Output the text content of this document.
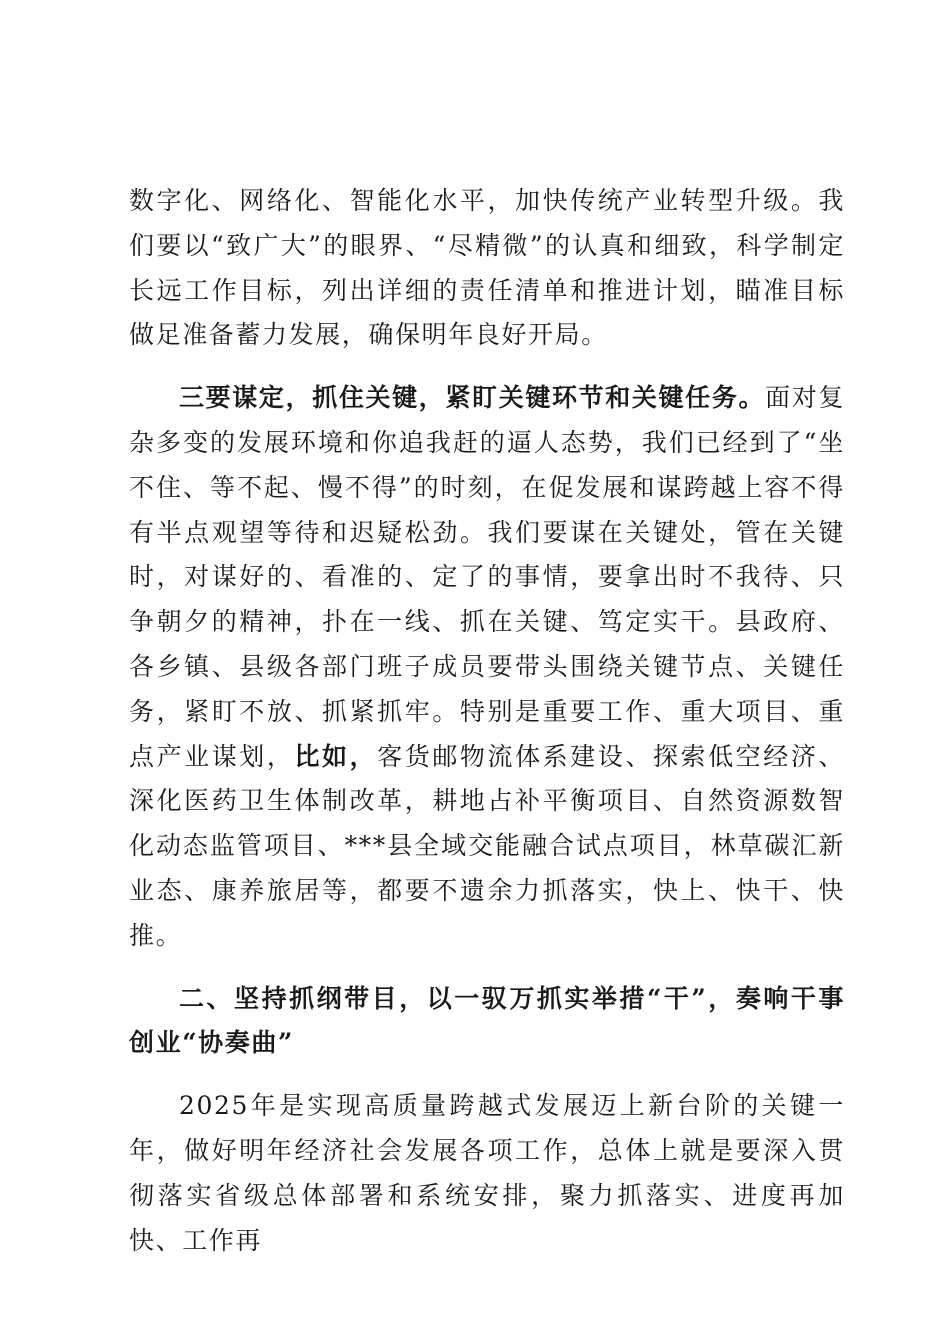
数字化、网络化、智能化水平，加快传统产业转型升级。我们要以“致广大”的眼界、“尽精微”的认真和细致，科学制定长远工作目标，列出详细的责任清单和推进计划，瞄准目标做足准备蓄力发展，确保明年良好开局。

三要谋定，抓住关键，紧盯关键环节和关键任务。面对复杂多变的发展环境和你追我赶的逼人态势，我们已经到了“坐不住、等不起、慢不得”的时刻，在促发展和谋跨越上容不得有半点观望等待和迟疑松劲。我们要谋在关键处，管在关键时，对谋好的、看准的、定了的事情，要拿出时不我待、只争朝夕的精神，扑在一线、抓在关键、笃定实干。县政府、各乡镇、县级各部门班子成员要带头围绕关键节点、关键任务，紧盯不放、抓紧抓牢。特别是重要工作、重大项目、重点产业谋划，比如，客货邮物流体系建设、探索低空经济、深化医药卫生体制改革，耕地占补平衡项目、自然资源数智化动态监管项目、***县全域交能融合试点项目，林草碳汇新业态、康养旅居等，都要不遗余力抓落实，快上、快干、快推。

二、坚持抓纲带目，以一驭万抓实举措“干”，奏响干事创业“协奏曲”

2025年是实现高质量跨越式发展迈上新台阶的关键一年，做好明年经济社会发展各项工作，总体上就是要深入贯彻落实省级总体部署和系统安排，聚力抓落实、进度再加快、工作再
